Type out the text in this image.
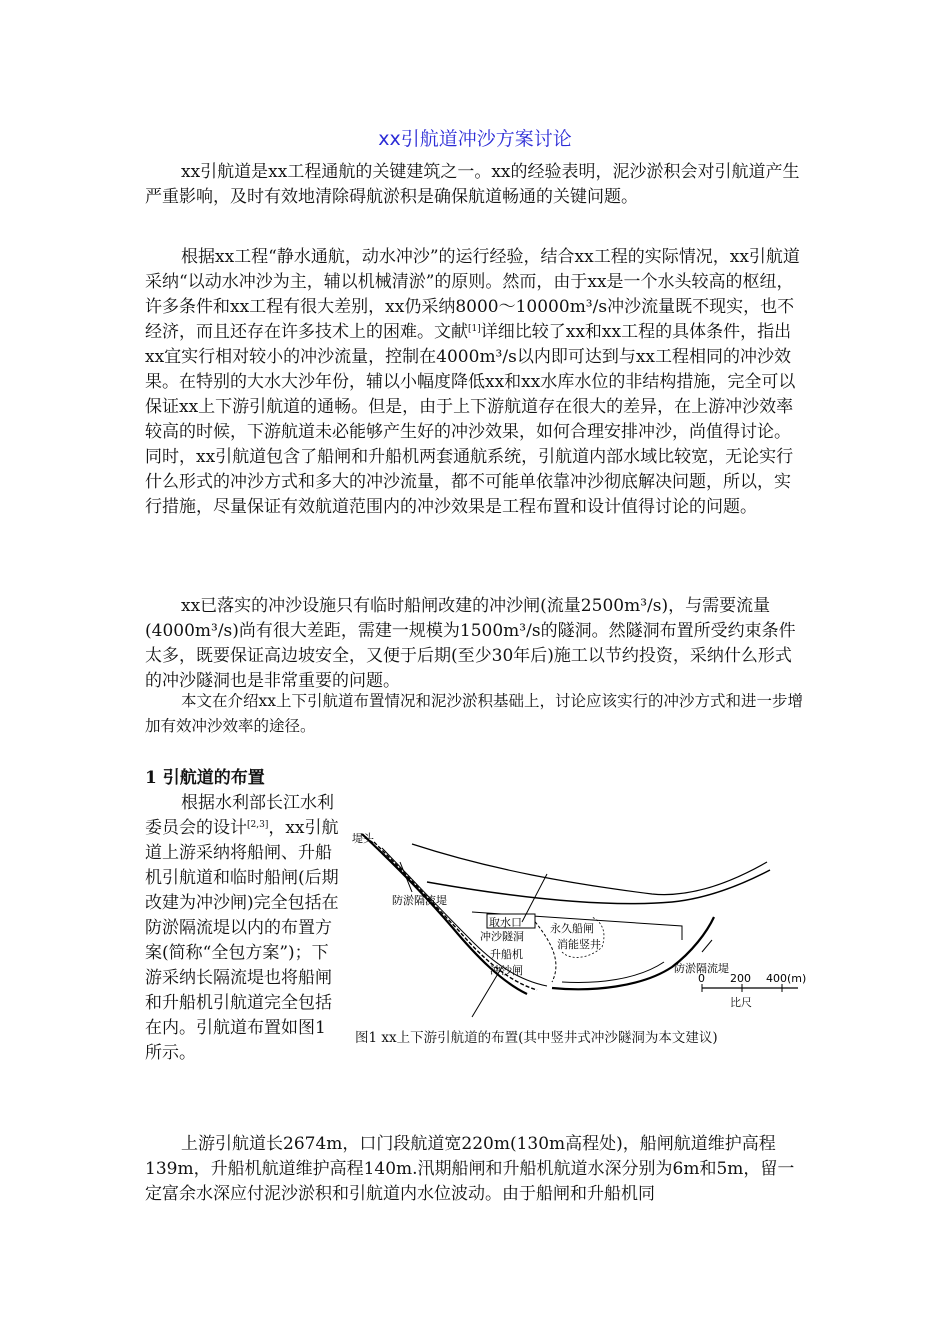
xx引航道冲沙方案讨论

xx引航道是xx工程通航的关键建筑之一。xx的经验表明，泥沙淤积会对引航道产生严重影响，及时有效地清除碍航淤积是确保航道畅通的关键问题。

根据xx工程“静水通航，动水冲沙”的运行经验，结合xx工程的实际情况，xx引航道采纳“以动水冲沙为主，辅以机械清淤”的原则。然而，由于xx是一个水头较高的枢纽，许多条件和xx工程有很大差别，xx仍采纳8000～10000m³/s冲沙流量既不现实，也不经济，而且还存在许多技术上的困难。文献[1]详细比较了xx和xx工程的具体条件，指出xx宜实行相对较小的冲沙流量，控制在4000m³/s以内即可达到与xx工程相同的冲沙效果。在特别的大水大沙年份，辅以小幅度降低xx和xx水库水位的非结构措施，完全可以保证xx上下游引航道的通畅。但是，由于上下游航道存在很大的差异，在上游冲沙效率较高的时候，下游航道未必能够产生好的冲沙效果，如何合理安排冲沙，尚值得讨论。同时，xx引航道包含了船闸和升船机两套通航系统，引航道内部水域比较宽，无论实行什么形式的冲沙方式和多大的冲沙流量，都不可能单依靠冲沙彻底解决问题，所以，实行措施，尽量保证有效航道范围内的冲沙效果是工程布置和设计值得讨论的问题。

xx已落实的冲沙设施只有临时船闸改建的冲沙闸(流量2500m³/s)，与需要流量(4000m³/s)尚有很大差距，需建一规模为1500m³/s的隧洞。然隧洞布置所受约束条件太多，既要保证高边坡安全，又便于后期(至少30年后)施工以节约投资，采纳什么形式的冲沙隧洞也是非常重要的问题。

本文在介绍xx上下引航道布置情况和泥沙淤积基础上，讨论应该实行的冲沙方式和进一步增加有效冲沙效率的途径。

1 引航道的布置

根据水利部长江水利委员会的设计[2,3]，xx引航道上游采纳将船闸、升船机引航道和临时船闸(后期改建为冲沙闸)完全包括在防淤隔流堤以内的布置方案(简称“全包方案”)；下游采纳长隔流堤也将船闸和升船机引航道完全包括在内。引航道布置如图1所示。

堤头
防淤隔流堤
取水口
冲沙隧洞
永久船闸
消能竖井
升船机
冲沙闸	防淤隔流堤
0 200 400(m)
比尺
图1 xx上下游引航道的布置(其中竖井式冲沙隧洞为本文建议)

上游引航道长2674m，口门段航道宽220m(130m高程处)，船闸航道维护高程139m，升船机航道维护高程140m.汛期船闸和升船机航道水深分别为6m和5m，留一定富余水深应付泥沙淤积和引航道内水位波动。由于船闸和升船机同
